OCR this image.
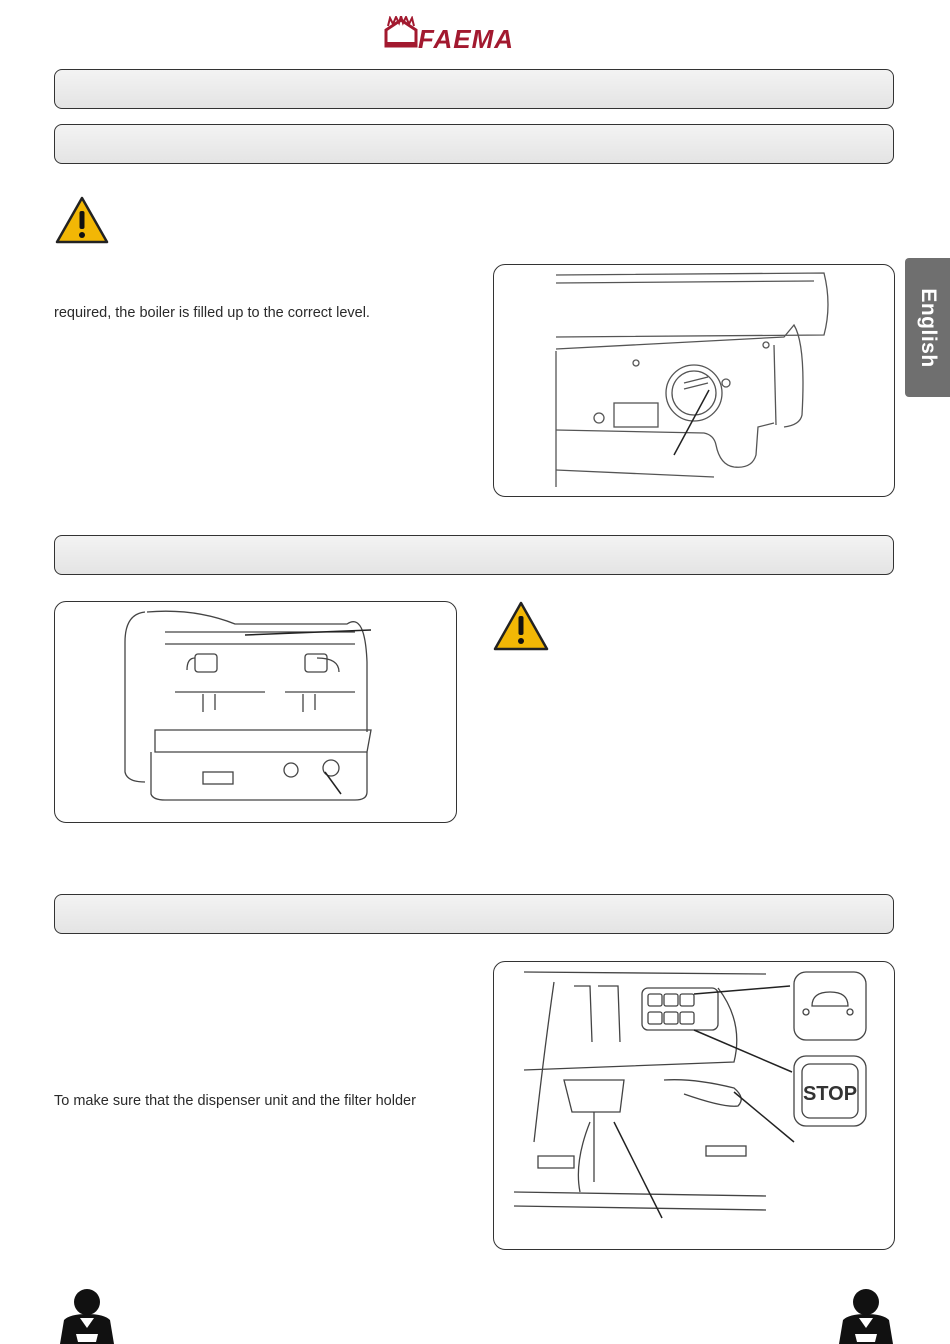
FAEMA
English
required, the boiler is filled up to the correct level.
To make sure that the dispenser unit and the filter holder	STOP
